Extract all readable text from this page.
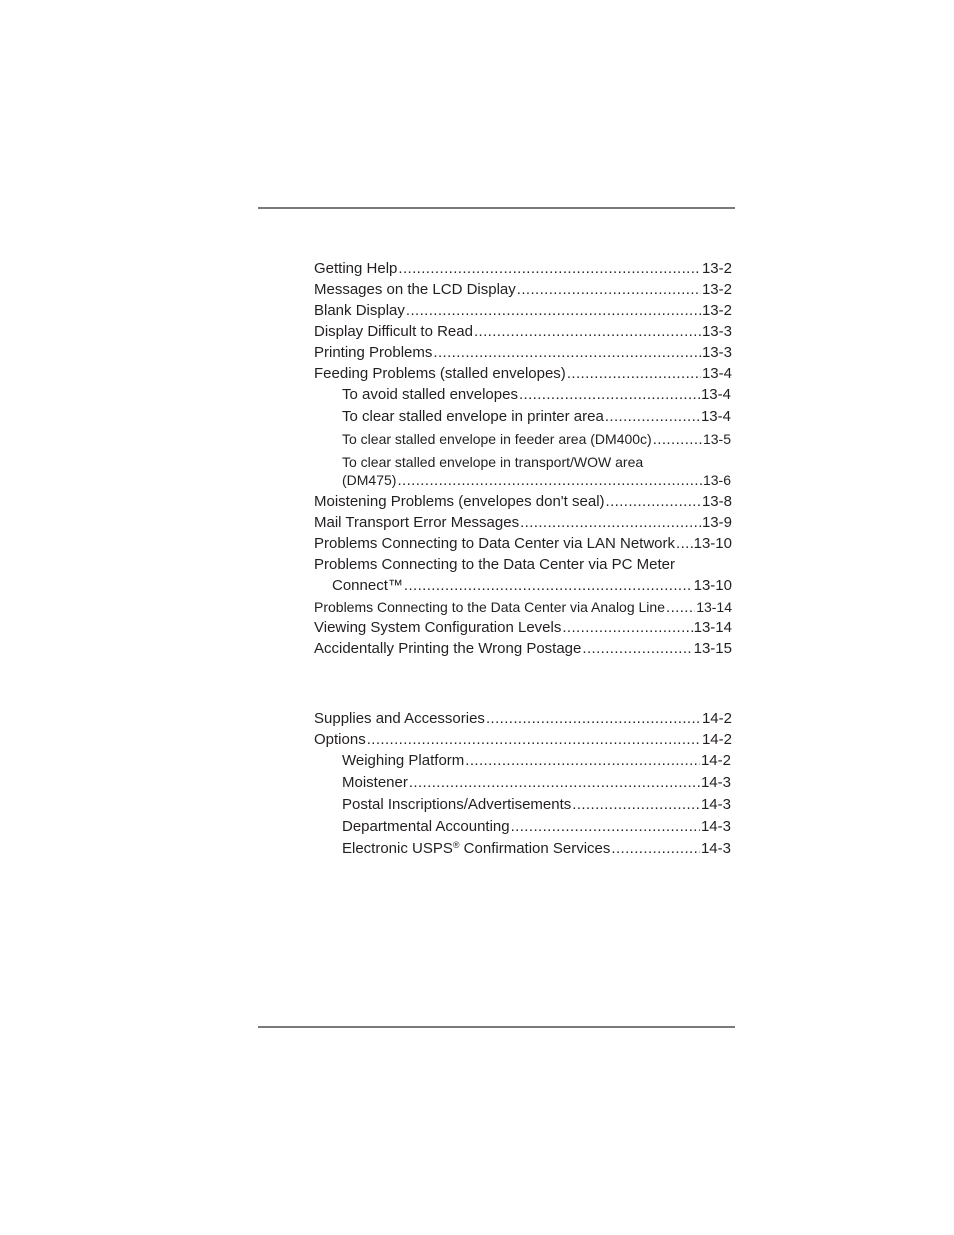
Getting Help .....	13-2
Messages on the LCD Display .....	13-2
Blank Display .....	13-2
Display Difficult to Read .....	13-3
Printing Problems .....	13-3
Feeding Problems (stalled envelopes) .....	13-4
To avoid stalled envelopes .....	13-4
To clear stalled envelope in printer area .....	13-4
To clear stalled envelope in feeder area (DM400c) .....	13-5
To clear stalled envelope in transport/WOW area
(DM475) .....	13-6
Moistening Problems (envelopes don't seal) .....	13-8
Mail Transport Error Messages .....	13-9
Problems Connecting to Data Center via LAN Network ..... 13-10
Problems Connecting to the Data Center via PC Meter
Connect™ .....	13-10
Problems Connecting to the Data Center via Analog Line ..... 13-14
Viewing System Configuration Levels .....	13-14
Accidentally Printing the Wrong Postage .....	13-15
Supplies and Accessories .....	14-2
Options .....	14-2
Weighing Platform .....	14-2
Moistener .....	14-3
Postal Inscriptions/Advertisements .....	14-3
Departmental Accounting .....	14-3
Electronic USPS® Confirmation Services .....	14-3
